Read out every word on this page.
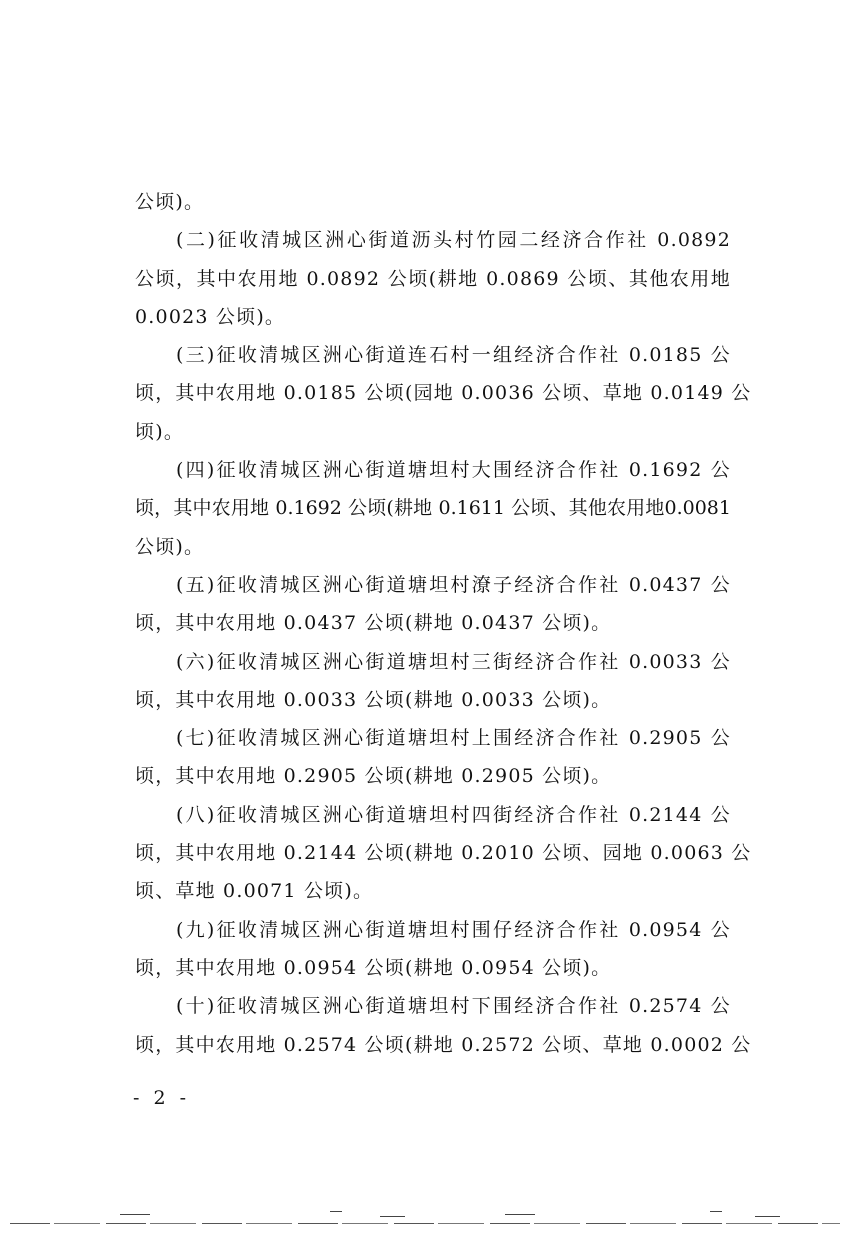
公顷)。

(二)征收清城区洲心街道沥头村竹园二经济合作社 0.0892
公顷，其中农用地 0.0892 公顷(耕地 0.0869 公顷、其他农用地
0.0023 公顷)。

(三)征收清城区洲心街道连石村一组经济合作社 0.0185 公
顷，其中农用地 0.0185 公顷(园地 0.0036 公顷、草地 0.0149 公
顷)。

(四)征收清城区洲心街道塘坦村大围经济合作社 0.1692 公
顷，其中农用地 0.1692 公顷(耕地 0.1611 公顷、其他农用地0.0081
公顷)。

(五)征收清城区洲心街道塘坦村潦子经济合作社 0.0437 公
顷，其中农用地 0.0437 公顷(耕地 0.0437 公顷)。

(六)征收清城区洲心街道塘坦村三街经济合作社 0.0033 公
顷，其中农用地 0.0033 公顷(耕地 0.0033 公顷)。

(七)征收清城区洲心街道塘坦村上围经济合作社 0.2905 公
顷，其中农用地 0.2905 公顷(耕地 0.2905 公顷)。

(八)征收清城区洲心街道塘坦村四街经济合作社 0.2144 公
顷，其中农用地 0.2144 公顷(耕地 0.2010 公顷、园地 0.0063 公
顷、草地 0.0071 公顷)。

(九)征收清城区洲心街道塘坦村围仔经济合作社 0.0954 公
顷，其中农用地 0.0954 公顷(耕地 0.0954 公顷)。

(十)征收清城区洲心街道塘坦村下围经济合作社 0.2574 公
顷，其中农用地 0.2574 公顷(耕地 0.2572 公顷、草地 0.0002 公

- 2 -
